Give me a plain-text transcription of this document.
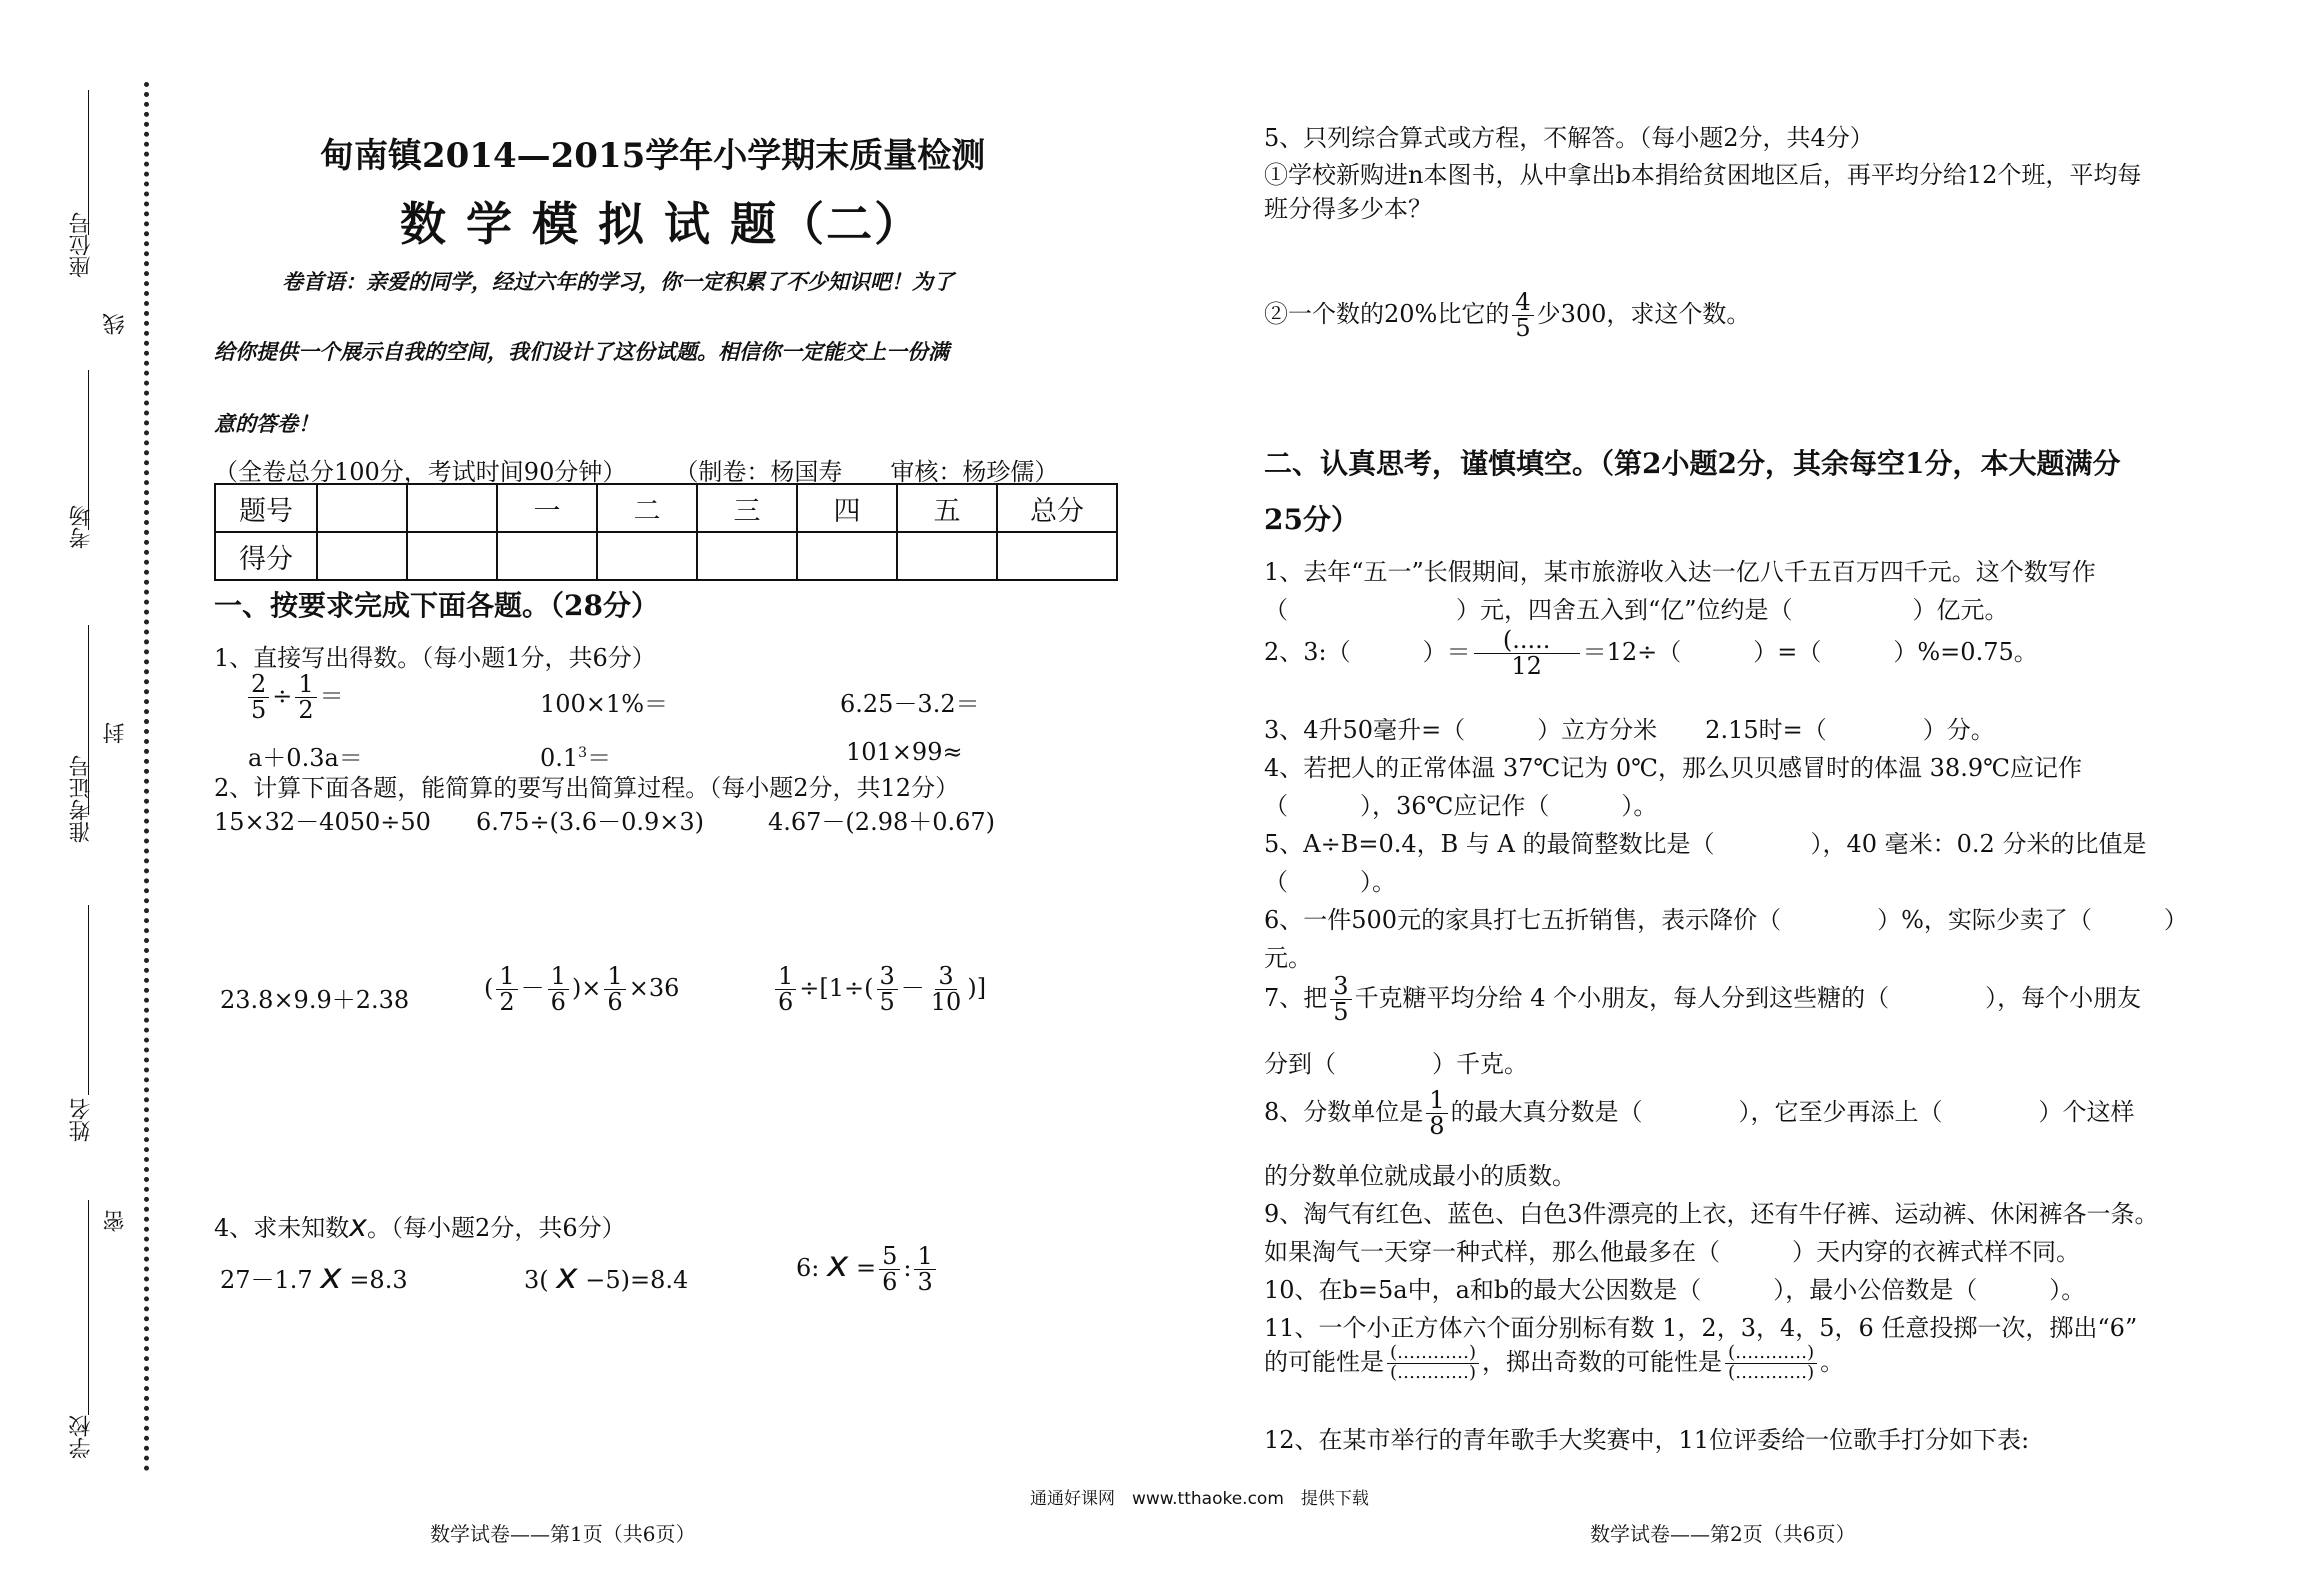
座位号
线
考场
封
准考证号
姓名
密
学校
甸南镇2014—2015学年小学期末质量检测
数 学 模 拟 试 题（二）
卷首语：亲爱的同学，经过六年的学习，你一定积累了不少知识吧！为了
给你提供一个展示自我的空间，我们设计了这份试题。相信你一定能交上一份满
意的答卷！
（全卷总分100分，考试时间90分钟）　　　（制卷：杨国寿　　审核：杨珍儒）
题号			一	二	三	四	五	总分
得分								
一、按要求完成下面各题。（28分）
1、直接写出得数。（每小题1分，共6分）
$\frac{2}{5} \div \frac{1}{2}$ ＝	100×1%＝	6.25－3.2＝
a＋0.3a＝	$0.1^3=$	101×99≈
2、计算下面各题，能简算的要写出简算过程。（每小题2分，共12分）
15×32－4050÷50 6.75÷(3.6－0.9×3)	4.67－(2.98＋0.67)
23.8×9.9＋2.38	( $\frac{1}{2} - \frac{1}{6}$ )× $\frac{1}{6} \times 36$	$\frac{1}{6} \div[1\div( \frac{3}{5} - \frac{3}{10}$ )]
4、求未知数x。（每小题2分，共6分）
27－1.7 x =8.3	3( x −5)=8.4	6: $x = \frac{5}{6}$ : $\frac{1}{3}$
5、只列综合算式或方程，不解答。（每小题2分，共4分）
①学校新购进n本图书，从中拿出b本捐给贫困地区后，再平均分给12个班，平均每
班分得多少本？
②一个数的20%比它的 $\frac{4}{5}$ 少300，求这个数。
二、认真思考，谨慎填空。（第2小题2分，其余每空1分，本大题满分
25分）
1、去年“五一”长假期间，某市旅游收入达一亿八千五百万四千元。这个数写作
（　　　　　　　）元，四舍五入到“亿”位约是（　　　　　）亿元。
2、3:（　　　）＝ $\frac{(.....}{12} =12\div$（　　　）=（　　　）%=0.75。
3、4升50毫升=（　　　）立方分米　　2.15时=（　　　　）分。
4、若把人的正常体温 37℃记为 0℃，那么贝贝感冒时的体温 38.9℃应记作
（　　　），36℃应记作（　　　）。
5、A÷B=0.4，B 与 A 的最简整数比是（　　　　），40 毫米：0.2 分米的比值是
（　　　）。
6、一件500元的家具打七五折销售，表示降价（　　　　）%，实际少卖了（　　　）
元。
7、把 $\frac{3}{5}$ 千克糖平均分给 4 个小朋友，每人分到这些糖的（　　　　），每个小朋友
分到（　　　　）千克。
8、分数单位是 $\frac{1}{8}$ 的最大真分数是（　　　　），它至少再添上（　　　　）个这样
的分数单位就成最小的质数。
9、淘气有红色、蓝色、白色3件漂亮的上衣，还有牛仔裤、运动裤、休闲裤各一条。
如果淘气一天穿一种式样，那么他最多在（　　　）天内穿的衣裤式样不同。
10、在b=5a中，a和b的最大公因数是（　　　），最小公倍数是（　　　）。
11、一个小正方体六个面分别标有数 1，2，3，4，5，6 任意投掷一次，掷出“6”
的可能性是 $\frac{(\dots\dots\dots\dots)}{(\dots\dots\dots\dots)}$ ，掷出奇数的可能性是 $\frac{(\dots\dots\dots\dots)}{(\dots\dots\dots\dots)}$ 。
12、在某市举行的青年歌手大奖赛中，11位评委给一位歌手打分如下表:
通通好课网　www.tthaoke.com　提供下载
数学试卷——第1页（共6页）	数学试卷——第2页（共6页）
